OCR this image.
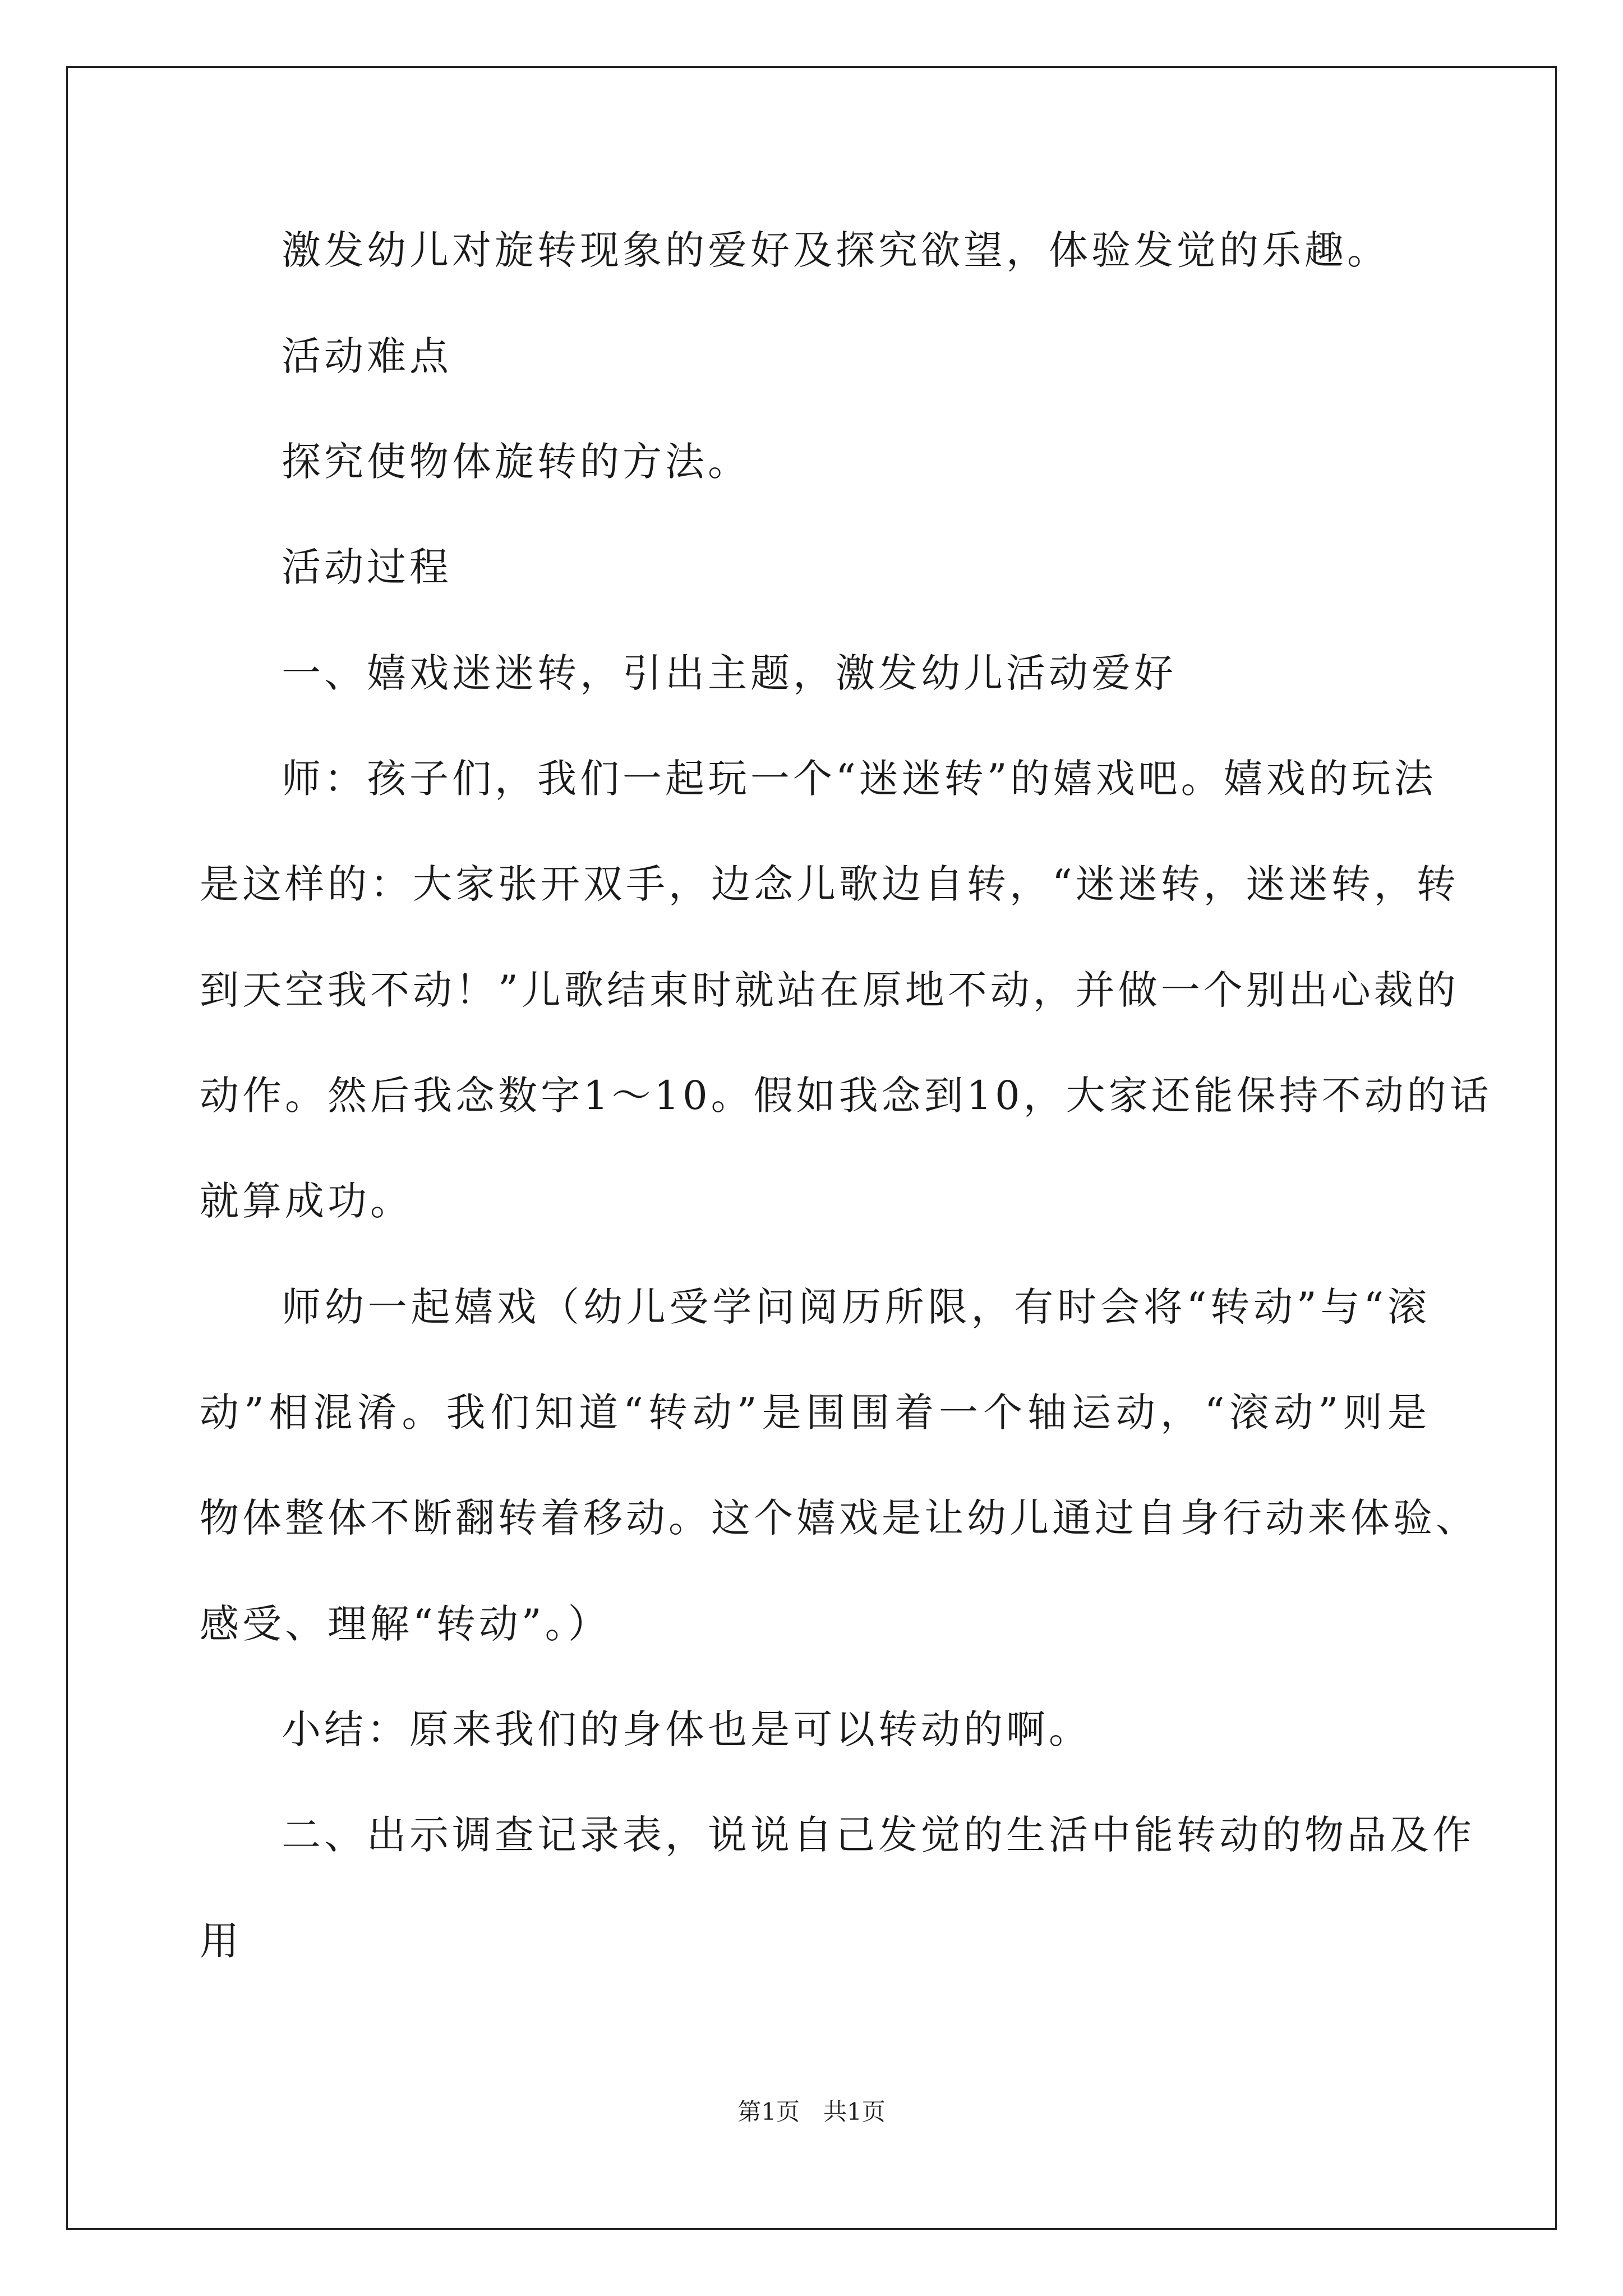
激发幼儿对旋转现象的爱好及探究欲望，体验发觉的乐趣。
活动难点
探究使物体旋转的方法。
活动过程
一、嬉戏迷迷转，引出主题，激发幼儿活动爱好
师：孩子们，我们一起玩一个“迷迷转”的嬉戏吧。嬉戏的玩法
是这样的：大家张开双手，边念儿歌边自转，“迷迷转，迷迷转，转
到天空我不动！”儿歌结束时就站在原地不动，并做一个别出心裁的
动作。然后我念数字1～10。假如我念到10，大家还能保持不动的话
就算成功。
师幼一起嬉戏（幼儿受学问阅历所限，有时会将“转动”与“滚
动”相混淆。我们知道“转动”是围围着一个轴运动，“滚动”则是
物体整体不断翻转着移动。这个嬉戏是让幼儿通过自身行动来体验、
感受、理解“转动”。）
小结：原来我们的身体也是可以转动的啊。
二、出示调查记录表，说说自己发觉的生活中能转动的物品及作
用
第1页　共1页
